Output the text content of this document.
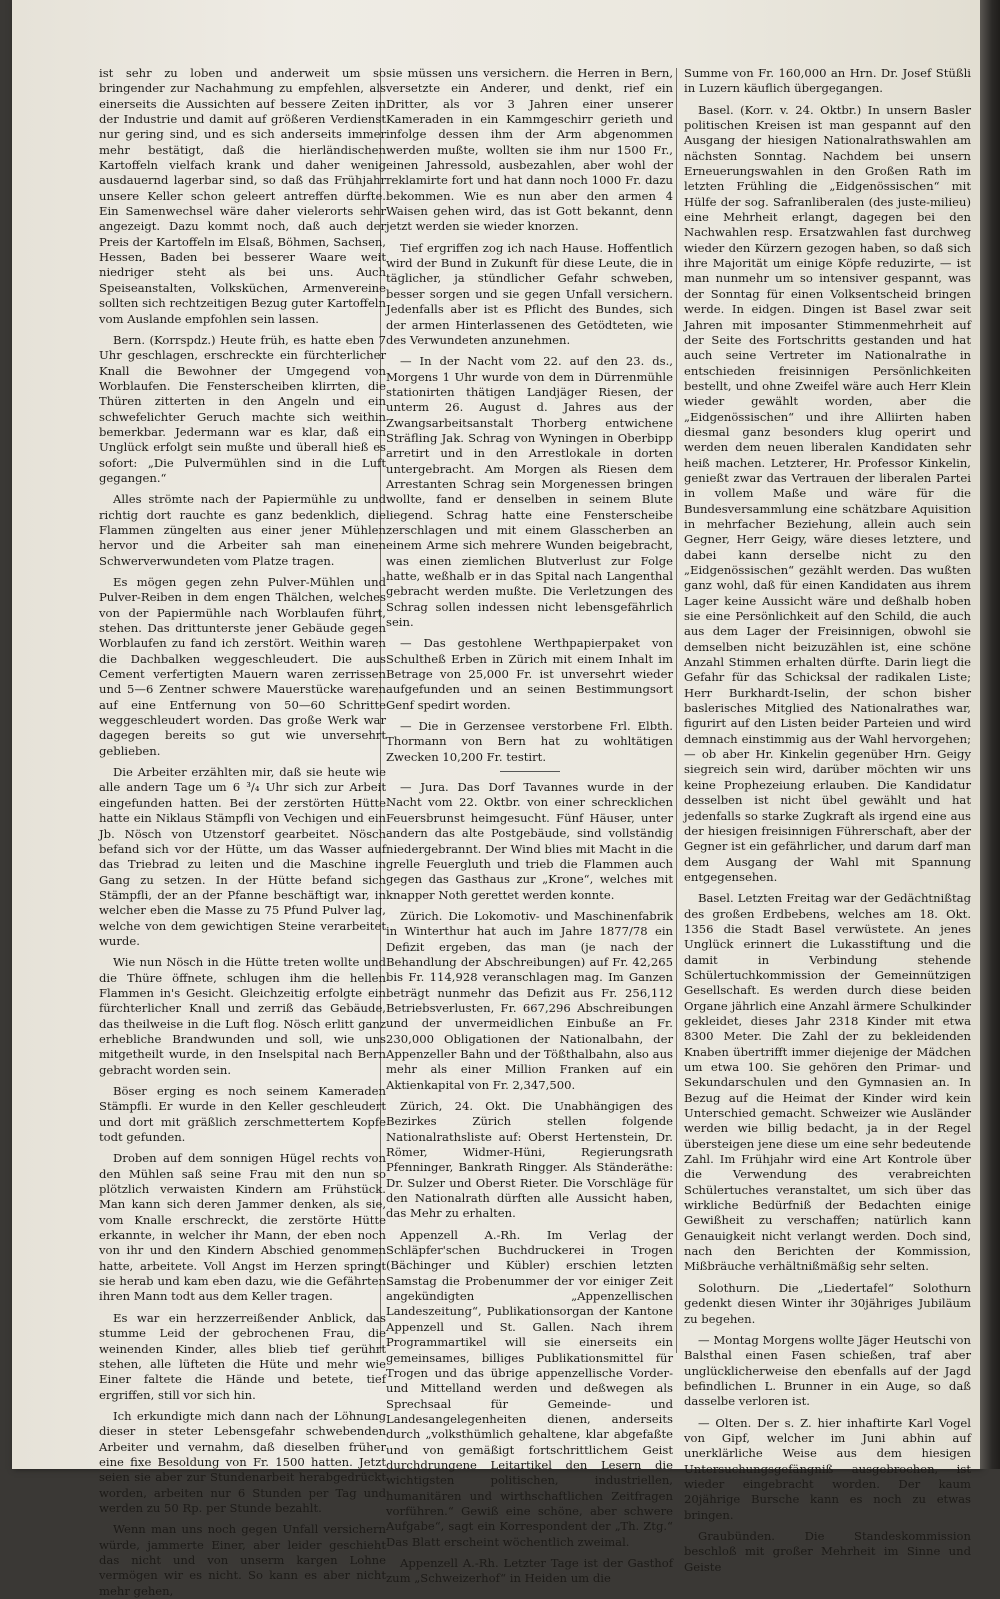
ist sehr zu loben und anderweit um so bringender zur Nachahmung zu empfehlen, als einerseits die Aussichten auf bessere Zeiten in der Industrie und damit auf größeren Verdienst nur gering sind, und es sich anderseits immer mehr bestätigt, daß die hierländischen Kartoffeln vielfach krank und daher wenig ausdauernd lagerbar sind, so daß das Frühjahr unsere Keller schon geleert antreffen dürfte. Ein Samenwechsel wäre daher vielerorts sehr angezeigt. Dazu kommt noch, daß auch der Preis der Kartoffeln im Elsaß, Böhmen, Sachsen, Hessen, Baden bei besserer Waare weit niedriger steht als bei uns. Auch Speiseanstalten, Volksküchen, Armenvereine sollten sich rechtzeitigen Bezug guter Kartoffeln vom Auslande empfohlen sein lassen.

Bern. (Korrspdz.) Heute früh, es hatte eben 7 Uhr geschlagen, erschreckte ein fürchterlicher Knall die Bewohner der Umgegend von Worblaufen. Die Fensterscheiben klirrten, die Thüren zitterten in den Angeln und ein schwefelichter Geruch machte sich weithin bemerkbar. Jedermann war es klar, daß ein Unglück erfolgt sein mußte und überall hieß es sofort: „Die Pulvermühlen sind in die Luft gegangen.“

Alles strömte nach der Papiermühle zu und richtig dort rauchte es ganz bedenklich, die Flammen züngelten aus einer jener Mühlen hervor und die Arbeiter sah man einen Schwerverwundeten vom Platze tragen.

Es mögen gegen zehn Pulver-Mühlen und Pulver-Reiben in dem engen Thälchen, welches von der Papiermühle nach Worblaufen führt, stehen. Das drittunterste jener Gebäude gegen Worblaufen zu fand ich zerstört. Weithin waren die Dachbalken weggeschleudert. Die aus Cement verfertigten Mauern waren zerrissen und 5—6 Zentner schwere Mauerstücke waren auf eine Entfernung von 50—60 Schritte weggeschleudert worden. Das große Werk war dagegen bereits so gut wie unversehrt geblieben.

Die Arbeiter erzählten mir, daß sie heute wie alle andern Tage um 6 ³/₄ Uhr sich zur Arbeit eingefunden hatten. Bei der zerstörten Hütte hatte ein Niklaus Stämpfli von Vechigen und ein Jb. Nösch von Utzenstorf gearbeitet. Nösch befand sich vor der Hütte, um das Wasser auf das Triebrad zu leiten und die Maschine in Gang zu setzen. In der Hütte befand sich Stämpfli, der an der Pfanne beschäftigt war, in welcher eben die Masse zu 75 Pfund Pulver lag, welche von dem gewichtigen Steine verarbeitet wurde.

Wie nun Nösch in die Hütte treten wollte und die Thüre öffnete, schlugen ihm die hellen Flammen in's Gesicht. Gleichzeitig erfolgte ein fürchterlicher Knall und zerriß das Gebäude, das theilweise in die Luft flog. Nösch erlitt ganz erhebliche Brandwunden und soll, wie uns mitgetheilt wurde, in den Inselspital nach Bern gebracht worden sein.

Böser erging es noch seinem Kameraden Stämpfli. Er wurde in den Keller geschleudert und dort mit gräßlich zerschmettertem Kopfe todt gefunden.

Droben auf dem sonnigen Hügel rechts von den Mühlen saß seine Frau mit den nun so plötzlich verwaisten Kindern am Frühstück. Man kann sich deren Jammer denken, als sie, vom Knalle erschreckt, die zerstörte Hütte erkannte, in welcher ihr Mann, der eben noch von ihr und den Kindern Abschied genommen hatte, arbeitete. Voll Angst im Herzen springt sie herab und kam eben dazu, wie die Gefährten ihren Mann todt aus dem Keller tragen.

Es war ein herzzerreißender Anblick, das stumme Leid der gebrochenen Frau, die weinenden Kinder, alles blieb tief gerührt stehen, alle lüfteten die Hüte und mehr wie Einer faltete die Hände und betete, tief ergriffen, still vor sich hin.

Ich erkundigte mich dann nach der Löhnung dieser in steter Lebensgefahr schwebenden Arbeiter und vernahm, daß dieselben früher eine fixe Besoldung von Fr. 1500 hatten. Jetzt seien sie aber zur Stundenarbeit herabgedrückt worden, arbeiten nur 6 Stunden per Tag und werden zu 50 Rp. per Stunde bezahlt.

Wenn man uns noch gegen Unfall versichern würde, jammerte Einer, aber leider geschieht das nicht und von unserm kargen Lohne vermögen wir es nicht. So kann es aber nicht mehr gehen,

sie müssen uns versichern. die Herren in Bern, versetzte ein Anderer, und denkt, rief ein Dritter, als vor 3 Jahren einer unserer Kameraden in ein Kammgeschirr gerieth und infolge dessen ihm der Arm abgenommen werden mußte, wollten sie ihm nur 1500 Fr., einen Jahressold, ausbezahlen, aber wohl der reklamirte fort und hat dann noch 1000 Fr. dazu bekommen. Wie es nun aber den armen 4 Waisen gehen wird, das ist Gott bekannt, denn jetzt werden sie wieder knorzen.

Tief ergriffen zog ich nach Hause. Hoffentlich wird der Bund in Zukunft für diese Leute, die in täglicher, ja stündlicher Gefahr schweben, besser sorgen und sie gegen Unfall versichern. Jedenfalls aber ist es Pflicht des Bundes, sich der armen Hinterlassenen des Getödteten, wie des Verwundeten anzunehmen.

— In der Nacht vom 22. auf den 23. ds., Morgens 1 Uhr wurde von dem in Dürrenmühle stationirten thätigen Landjäger Riesen, der unterm 26. August d. Jahres aus der Zwangsarbeitsanstalt Thorberg entwichene Sträfling Jak. Schrag von Wyningen in Oberbipp arretirt und in den Arrestlokale in dorten untergebracht. Am Morgen als Riesen dem Arrestanten Schrag sein Morgenessen bringen wollte, fand er denselben in seinem Blute liegend. Schrag hatte eine Fensterscheibe zerschlagen und mit einem Glasscherben an einem Arme sich mehrere Wunden beigebracht, was einen ziemlichen Blutverlust zur Folge hatte, weßhalb er in das Spital nach Langenthal gebracht werden mußte. Die Verletzungen des Schrag sollen indessen nicht lebensgefährlich sein.

— Das gestohlene Werthpapierpaket von Schultheß Erben in Zürich mit einem Inhalt im Betrage von 25,000 Fr. ist unversehrt wieder aufgefunden und an seinen Bestimmungsort Genf spedirt worden.

— Die in Gerzensee verstorbene Frl. Elbth. Thormann von Bern hat zu wohltätigen Zwecken 10,200 Fr. testirt.

— Jura. Das Dorf Tavannes wurde in der Nacht vom 22. Oktbr. von einer schrecklichen Feuersbrunst heimgesucht. Fünf Häuser, unter andern das alte Postgebäude, sind vollständig niedergebrannt. Der Wind blies mit Macht in die grelle Feuergluth und trieb die Flammen auch gegen das Gasthaus zur „Krone“, welches mit knapper Noth gerettet werden konnte.

Zürich. Die Lokomotiv- und Maschinenfabrik in Winterthur hat auch im Jahre 1877/78 ein Defizit ergeben, das man (je nach der Behandlung der Abschreibungen) auf Fr. 42,265 bis Fr. 114,928 veranschlagen mag. Im Ganzen beträgt nunmehr das Defizit aus Fr. 256,112 Betriebsverlusten, Fr. 667,296 Abschreibungen und der unvermeidlichen Einbuße an Fr. 230,000 Obligationen der Nationalbahn, der Appenzeller Bahn und der Tößthalbahn, also aus mehr als einer Million Franken auf ein Aktienkapital von Fr. 2,347,500.

Zürich, 24. Okt. Die Unabhängigen des Bezirkes Zürich stellen folgende Nationalrathsliste auf: Oberst Hertenstein, Dr. Römer, Widmer-Hüni, Regierungsrath Pfenninger, Bankrath Ringger. Als Ständeräthe: Dr. Sulzer und Oberst Rieter. Die Vorschläge für den Nationalrath dürften alle Aussicht haben, das Mehr zu erhalten.

Appenzell A.-Rh. Im Verlag der Schläpfer'schen Buchdruckerei in Trogen (Bächinger und Kübler) erschien letzten Samstag die Probenummer der vor einiger Zeit angekündigten „Appenzellischen Landeszeitung“, Publikationsorgan der Kantone Appenzell und St. Gallen. Nach ihrem Programmartikel will sie einerseits ein gemeinsames, billiges Publikationsmittel für Trogen und das übrige appenzellische Vorder- und Mittelland werden und deßwegen als Sprechsaal für Gemeinde- und Landesangelegenheiten dienen, anderseits durch „volksthümlich gehaltene, klar abgefaßte und von gemäßigt fortschrittlichem Geist durchdrungene Leitartikel den Lesern die wichtigsten politischen, industriellen, humanitären und wirthschaftlichen Zeitfragen vorführen.“ Gewiß eine schöne, aber schwere Aufgabe“, sagt ein Korrespondent der „Th. Ztg.“ Das Blatt erscheint wöchentlich zweimal.

Appenzell A.-Rh. Letzter Tage ist der Gasthof zum „Schweizerhof“ in Heiden um die

Summe von Fr. 160,000 an Hrn. Dr. Josef Stüßli in Luzern käuflich übergegangen.

Basel. (Korr. v. 24. Oktbr.) In unsern Basler politischen Kreisen ist man gespannt auf den Ausgang der hiesigen Nationalrathswahlen am nächsten Sonntag. Nachdem bei unsern Erneuerungswahlen in den Großen Rath im letzten Frühling die „Eidgenössischen“ mit Hülfe der sog. Safranliberalen (des juste-milieu) eine Mehrheit erlangt, dagegen bei den Nachwahlen resp. Ersatzwahlen fast durchweg wieder den Kürzern gezogen haben, so daß sich ihre Majorität um einige Köpfe reduzirte, — ist man nunmehr um so intensiver gespannt, was der Sonntag für einen Volksentscheid bringen werde. In eidgen. Dingen ist Basel zwar seit Jahren mit imposanter Stimmenmehrheit auf der Seite des Fortschritts gestanden und hat auch seine Vertreter im Nationalrathe in entschieden freisinnigen Persönlichkeiten bestellt, und ohne Zweifel wäre auch Herr Klein wieder gewählt worden, aber die „Eidgenössischen“ und ihre Alliirten haben diesmal ganz besonders klug operirt und werden dem neuen liberalen Kandidaten sehr heiß machen. Letzterer, Hr. Professor Kinkelin, genießt zwar das Vertrauen der liberalen Partei in vollem Maße und wäre für die Bundesversammlung eine schätzbare Aquisition in mehrfacher Beziehung, allein auch sein Gegner, Herr Geigy, wäre dieses letztere, und dabei kann derselbe nicht zu den „Eidgenössischen“ gezählt werden. Das wußten ganz wohl, daß für einen Kandidaten aus ihrem Lager keine Aussicht wäre und deßhalb hoben sie eine Persönlichkeit auf den Schild, die auch aus dem Lager der Freisinnigen, obwohl sie demselben nicht beizuzählen ist, eine schöne Anzahl Stimmen erhalten dürfte. Darin liegt die Gefahr für das Schicksal der radikalen Liste; Herr Burkhardt-Iselin, der schon bisher baslerisches Mitglied des Nationalrathes war, figurirt auf den Listen beider Parteien und wird demnach einstimmig aus der Wahl hervorgehen; — ob aber Hr. Kinkelin gegenüber Hrn. Geigy siegreich sein wird, darüber möchten wir uns keine Prophezeiung erlauben. Die Kandidatur desselben ist nicht übel gewählt und hat jedenfalls so starke Zugkraft als irgend eine aus der hiesigen freisinnigen Führerschaft, aber der Gegner ist ein gefährlicher, und darum darf man dem Ausgang der Wahl mit Spannung entgegensehen.

Basel. Letzten Freitag war der Gedächtnißtag des großen Erdbebens, welches am 18. Okt. 1356 die Stadt Basel verwüstete. An jenes Unglück erinnert die Lukasstiftung und die damit in Verbindung stehende Schülertuchkommission der Gemeinnützigen Gesellschaft. Es werden durch diese beiden Organe jährlich eine Anzahl ärmere Schulkinder gekleidet, dieses Jahr 2318 Kinder mit etwa 8300 Meter. Die Zahl der zu bekleidenden Knaben übertrifft immer diejenige der Mädchen um etwa 100. Sie gehören den Primar- und Sekundarschulen und den Gymnasien an. In Bezug auf die Heimat der Kinder wird kein Unterschied gemacht. Schweizer wie Ausländer werden wie billig bedacht, ja in der Regel übersteigen jene diese um eine sehr bedeutende Zahl. Im Frühjahr wird eine Art Kontrole über die Verwendung des verabreichten Schülertuches veranstaltet, um sich über das wirkliche Bedürfniß der Bedachten einige Gewißheit zu verschaffen; natürlich kann Genauigkeit nicht verlangt werden. Doch sind, nach den Berichten der Kommission, Mißbräuche verhältnißmäßig sehr selten.

Solothurn. Die „Liedertafel“ Solothurn gedenkt diesen Winter ihr 30jähriges Jubiläum zu begehen.

— Montag Morgens wollte Jäger Heutschi von Balsthal einen Fasen schießen, traf aber unglücklicherweise den ebenfalls auf der Jagd befindlichen L. Brunner in ein Auge, so daß dasselbe verloren ist.

— Olten. Der s. Z. hier inhaftirte Karl Vogel von Gipf, welcher im Juni abhin auf unerklärliche Weise aus dem hiesigen Untersuchungsgefängniß ausgebrochen, ist wieder eingebracht worden. Der kaum 20jährige Bursche kann es noch zu etwas bringen.

Graubünden. Die Standeskommission beschloß mit großer Mehrheit im Sinne und Geiste
